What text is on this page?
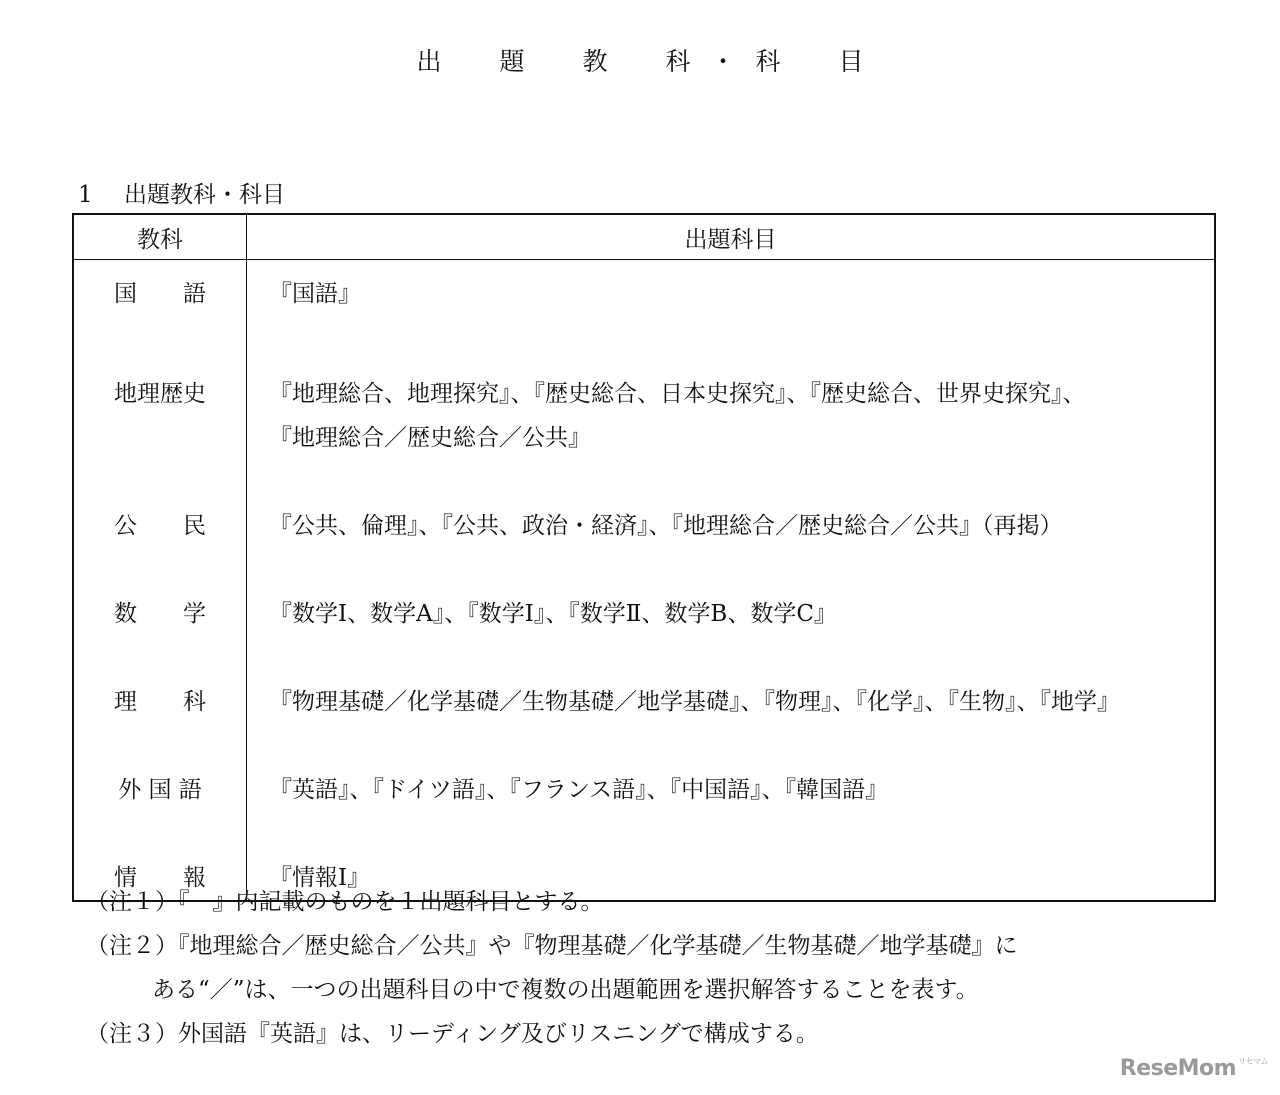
出 題 教 科 ・ 科 目
1 出題教科・科目
教科	出題科目
国　　語	『国語』

地理歴史	『地理総合、地理探究』、『歴史総合、日本史探究』、『歴史総合、世界史探究』、
『地理総合／歴史総合／公共』

公　　民	『公共、倫理』、『公共、政治・経済』、『地理総合／歴史総合／公共』（再掲）

数　　学	『数学Ⅰ、数学A』、『数学Ⅰ』、『数学Ⅱ、数学B、数学C』

理　　科	『物理基礎／化学基礎／生物基礎／地学基礎』、『物理』、『化学』、『生物』、『地学』

外 国 語	『英語』、『ドイツ語』、『フランス語』、『中国語』、『韓国語』

情　　報	『情報Ⅰ』
（注１）『　』内記載のものを１出題科目とする。
（注２）『地理総合／歴史総合／公共』や『物理基礎／化学基礎／生物基礎／地学基礎』に
ある“／”は、一つの出題科目の中で複数の出題範囲を選択解答することを表す。
（注３）外国語『英語』は、リーディング及びリスニングで構成する。
ReseMom $^{リセマム}$
